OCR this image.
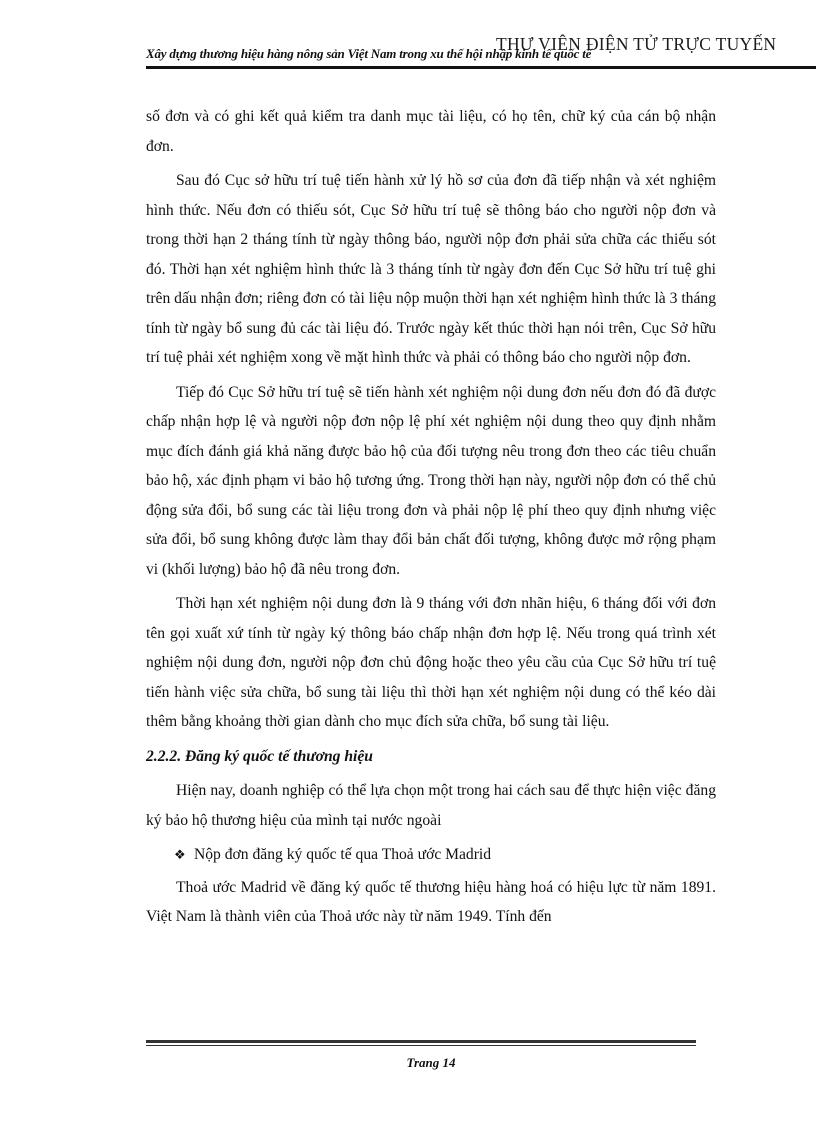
Xây dựng thương hiệu hàng nông sản Việt Nam trong xu thế hội nhập kinh tế quốc tế
THƯ VIỆN ĐIỆN TỬ TRỰC TUYẾN

số đơn và có ghi kết quả kiểm tra danh mục tài liệu, có họ tên, chữ ký của cán bộ nhận đơn.

Sau đó Cục sở hữu trí tuệ tiến hành xử lý hồ sơ của đơn đã tiếp nhận và xét nghiệm hình thức. Nếu đơn có thiếu sót, Cục Sở hữu trí tuệ sẽ thông báo cho người nộp đơn và trong thời hạn 2 tháng tính từ ngày thông báo, người nộp đơn phải sửa chữa các thiếu sót đó. Thời hạn xét nghiệm hình thức là 3 tháng tính từ ngày đơn đến Cục Sở hữu trí tuệ ghi trên dấu nhận đơn; riêng đơn có tài liệu nộp muộn thời hạn xét nghiệm hình thức là 3 tháng tính từ ngày bổ sung đủ các tài liệu đó. Trước ngày kết thúc thời hạn nói trên, Cục Sở hữu trí tuệ phải xét nghiệm xong về mặt hình thức và phải có thông báo cho người nộp đơn.

Tiếp đó Cục Sở hữu trí tuệ sẽ tiến hành xét nghiệm nội dung đơn nếu đơn đó đã được chấp nhận hợp lệ và người nộp đơn nộp lệ phí xét nghiệm nội dung theo quy định nhằm mục đích đánh giá khả năng được bảo hộ của đối tượng nêu trong đơn theo các tiêu chuẩn bảo hộ, xác định phạm vi bảo hộ tương ứng. Trong thời hạn này, người nộp đơn có thể chủ động sửa đổi, bổ sung các tài liệu trong đơn và phải nộp lệ phí theo quy định nhưng việc sửa đổi, bổ sung không được làm thay đổi bản chất đối tượng, không được mở rộng phạm vi (khối lượng) bảo hộ đã nêu trong đơn.

Thời hạn xét nghiệm nội dung đơn là 9 tháng với đơn nhãn hiệu, 6 tháng đối với đơn tên gọi xuất xứ tính từ ngày ký thông báo chấp nhận đơn hợp lệ. Nếu trong quá trình xét nghiệm nội dung đơn, người nộp đơn chủ động hoặc theo yêu cầu của Cục Sở hữu trí tuệ tiến hành việc sửa chữa, bổ sung tài liệu thì thời hạn xét nghiệm nội dung có thể kéo dài thêm bằng khoảng thời gian dành cho mục đích sửa chữa, bổ sung tài liệu.

2.2.2. Đăng ký quốc tế thương hiệu

Hiện nay, doanh nghiệp có thể lựa chọn một trong hai cách sau để thực hiện việc đăng ký bảo hộ thương hiệu của mình tại nước ngoài

❖ Nộp đơn đăng ký quốc tế qua Thoả ước Madrid

Thoả ước Madrid về đăng ký quốc tế thương hiệu hàng hoá có hiệu lực từ năm 1891. Việt Nam là thành viên của Thoả ước này từ năm 1949. Tính đến

Trang 14
